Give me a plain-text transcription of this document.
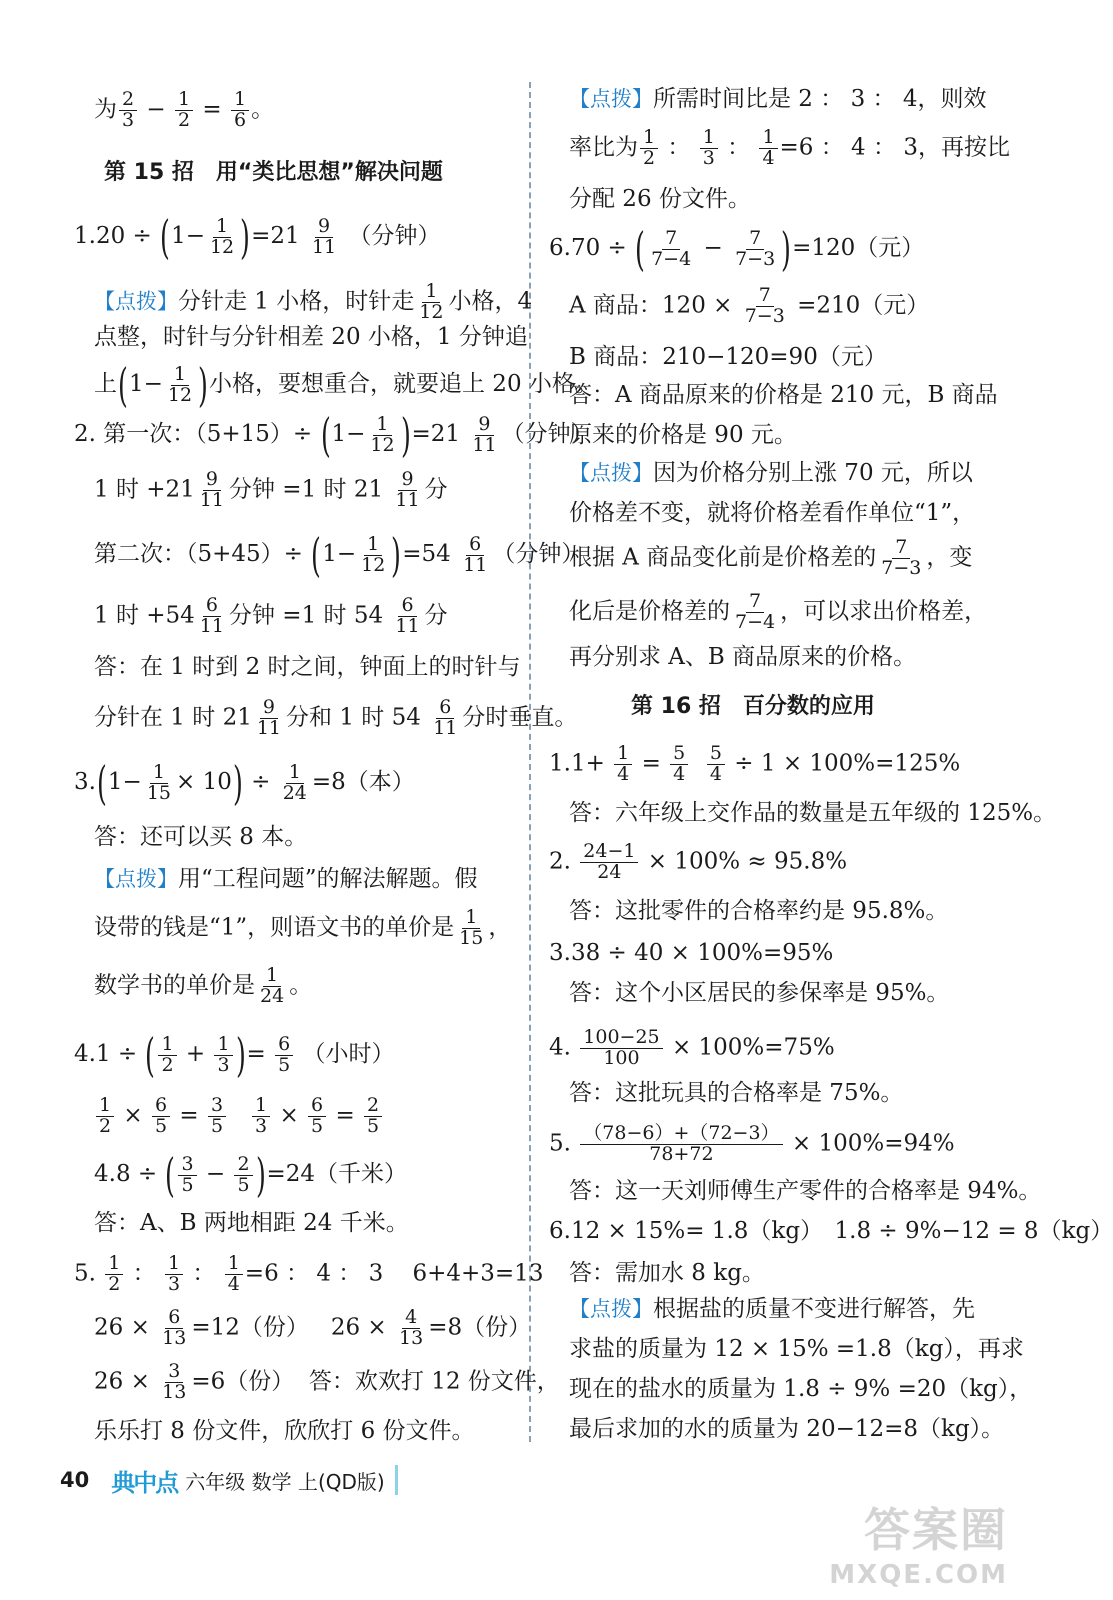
为 $\frac{2}{3} - \frac{1}{2} = \frac{1}{6}$ 。
第 15 招　用“类比思想”解决问题
$1.20 \div (1- \frac{1}{12} )=21 \frac{9}{11}$ （分钟）
【点拨】分针走 1 小格，时针走 $\frac{1}{12}$ 小格，4
点整，时针与分针相差 20 小格，1 分钟追
上($1- \frac{1}{12}$ )小格，要想重合，就要追上 20 小格。
2. 第一次：$(5+15)\div (1- \frac{1}{12} )=21 \frac{9}{11}$ （分钟）
1 时 $+21 \frac{9}{11}$ 分钟 =1 时 $21 \frac{9}{11}$ 分
第二次：$(5+45)\div (1- \frac{1}{12} )=54 \frac{6}{11}$ （分钟）
1 时 $+54 \frac{6}{11}$ 分钟 =1 时 $54 \frac{6}{11}$ 分
答：在 1 时到 2 时之间，钟面上的时针与
分针在 1 时 $21 \frac{9}{11}$ 分和 1 时 $54 \frac{6}{11}$ 分时垂直。
$3.(1- \frac{1}{15} \times 10) \div \frac{1}{24} =8$（本）
答：还可以买 8 本。
【点拨】用“工程问题”的解法解题。假
设带的钱是“1”，则语文书的单价是 $\frac{1}{15}$ ，
数学书的单价是 $\frac{1}{24}$ 。
4.1 ÷ ( $\frac{1}{2} + \frac{1}{3}$ )= $\frac{6}{5}$ （小时）
$\frac{1}{2} \times \frac{6}{5} = \frac{3}{5}$
$\frac{1}{3} \times \frac{6}{5} = \frac{2}{5}$
4.8 ÷ ( $\frac{3}{5} - \frac{2}{5} )=24$（千米）
答：A、B 两地相距 24 千米。
5. $\frac{1}{2}$ ： $\frac{1}{3}$ ： $\frac{1}{4} =6$ ： 4 ： 3 6+4+3=13
$26 \times \frac{6}{13} =12$（份） $26 \times \frac{4}{13} =8$（份）
$26 \times \frac{3}{13} =6$（份） 答：欢欢打 12 份文件，
乐乐打 8 份文件，欣欣打 6 份文件。
【点拨】所需时间比是 2 ： 3 ： 4，则效
率比为 $\frac{1}{2}$ ： $\frac{1}{3}$ ： $\frac{1}{4} =6$ ： 4 ： 3，再按比
分配 26 份文件。
6.70 ÷ ( $\frac{7}{7-4} - \frac{7}{7-3} )=120$（元）
A 商品：$120 \times \frac{7}{7-3} =210$（元）
B 商品：210−120=90（元）
答：A 商品原来的价格是 210 元，B 商品
原来的价格是 90 元。
【点拨】因为价格分别上涨 70 元，所以
价格差不变，就将价格差看作单位“1”，
根据 A 商品变化前是价格差的 $\frac{7}{7-3}$ ，变
化后是价格差的 $\frac{7}{7-4}$ ，可以求出价格差，
再分别求 A、B 商品原来的价格。
第 16 招　百分数的应用
$1.1+ \frac{1}{4} = \frac{5}{4}$
$\frac{5}{4} \div 1 \times 100\%=125\%$
答：六年级上交作品的数量是五年级的 125%。
2. $\frac{24-1}{24} \times 100\% \approx 95.8\%$
答：这批零件的合格率约是 95.8%。
3.38 ÷ 40 × 100%=95%
答：这个小区居民的参保率是 95%。
4. $\frac{100-25}{100} \times 100\%=75\%$
答：这批玩具的合格率是 75%。
5. $\frac{(78-6)+(72-3)}{78+72} \times 100\%=94\%$
答：这一天刘师傅生产零件的合格率是 94%。
6.12 × 15%= 1.8（kg）　1.8 ÷ 9%−12 = 8（kg）
答：需加水 8 kg。
【点拨】根据盐的质量不变进行解答，先
求盐的质量为 12 × 15% =1.8（kg），再求
现在的盐水的质量为 1.8 ÷ 9% =20（kg），
最后求加的水的质量为 20−12=8（kg）。
40 典中点 六年级 数学 上(QD版)
答案圈
MXQE.COM
